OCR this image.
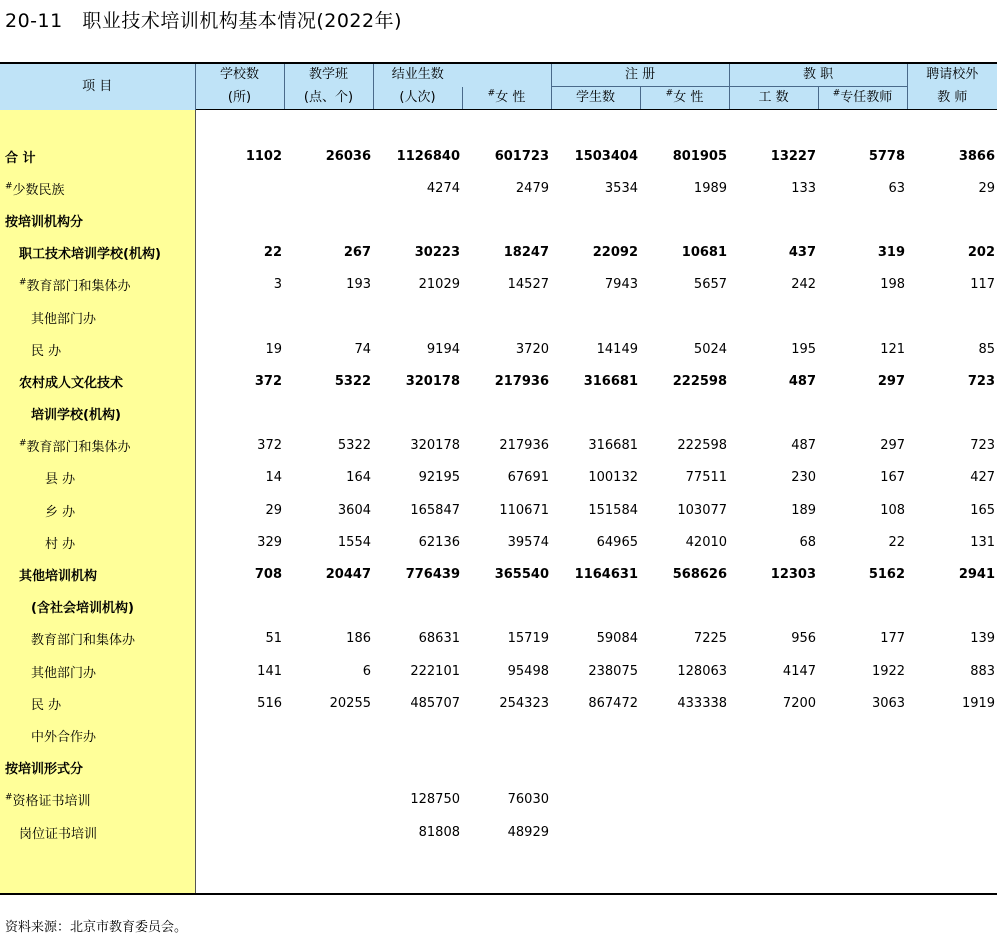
20-11   职业技术培训机构基本情况(2022年)
项 目	学校数	教学班	结业生数		注 册		教 职		聘请校外
	(所)	(点、个)	(人次)	#女 性	学生数	#女 性	工 数	#专任教师	教 师

合 计	1102	26036	1126840	601723	1503404	801905	13227	5778	3866
#少数民族			4274	2479	3534	1989	133	63	29
按培训机构分									
职工技术培训学校(机构)	22	267	30223	18247	22092	10681	437	319	202
#教育部门和集体办	3	193	21029	14527	7943	5657	242	198	117
其他部门办									
民 办	19	74	9194	3720	14149	5024	195	121	85
农村成人文化技术	372	5322	320178	217936	316681	222598	487	297	723
培训学校(机构)									
#教育部门和集体办	372	5322	320178	217936	316681	222598	487	297	723
县 办	14	164	92195	67691	100132	77511	230	167	427
乡 办	29	3604	165847	110671	151584	103077	189	108	165
村 办	329	1554	62136	39574	64965	42010	68	22	131
其他培训机构	708	20447	776439	365540	1164631	568626	12303	5162	2941
(含社会培训机构)									
教育部门和集体办	51	186	68631	15719	59084	7225	956	177	139
其他部门办	141	6	222101	95498	238075	128063	4147	1922	883
民 办	516	20255	485707	254323	867472	433338	7200	3063	1919
中外合作办									
按培训形式分									
#资格证书培训			128750	76030					
岗位证书培训			81808	48929					

资料来源：北京市教育委员会。
